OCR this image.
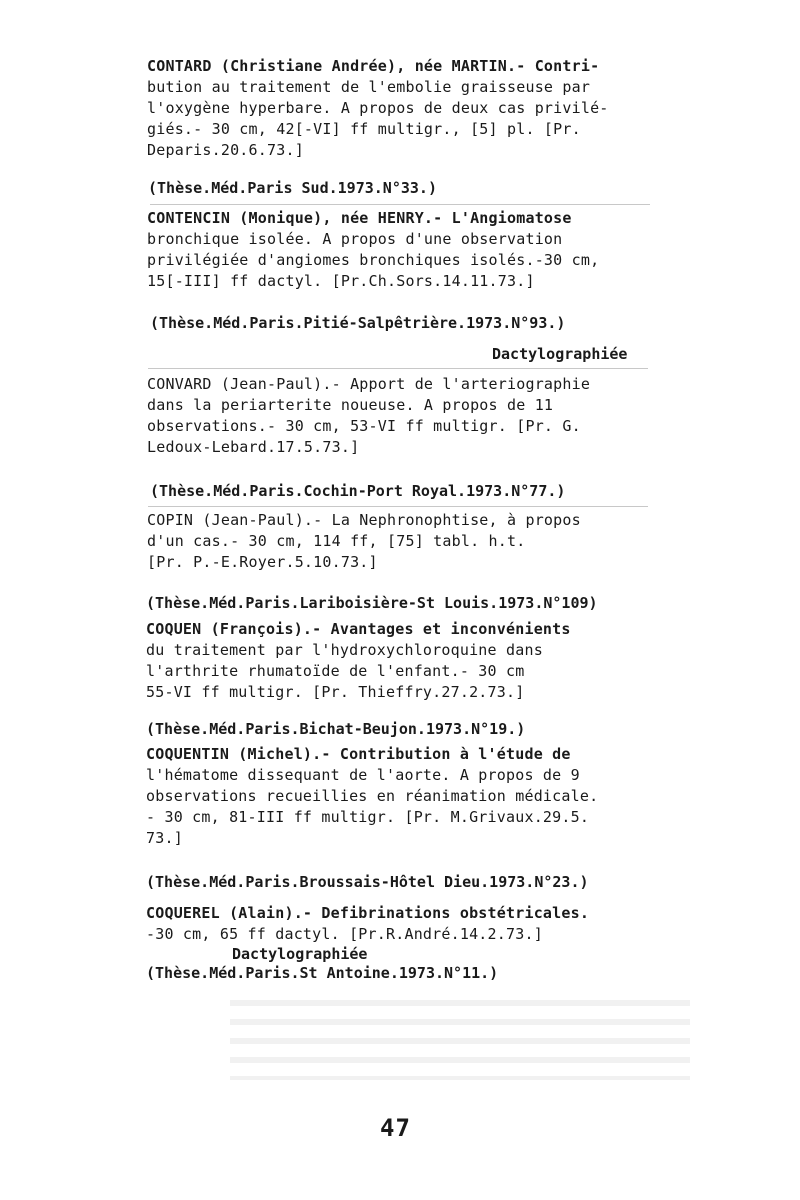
CONTARD (Christiane Andrée), née MARTIN.- Contri-
bution au traitement de l'embolie graisseuse par
l'oxygène hyperbare. A propos de deux cas privilé-
giés.- 30 cm, 42[-VI] ff multigr., [5] pl. [Pr.
Deparis.20.6.73.]
(Thèse.Méd.Paris Sud.1973.N°33.)
CONTENCIN (Monique), née HENRY.- L'Angiomatose
bronchique isolée. A propos d'une observation
privilégiée d'angiomes bronchiques isolés.-30 cm,
15[-III] ff dactyl. [Pr.Ch.Sors.14.11.73.]
(Thèse.Méd.Paris.Pitié-Salpêtrière.1973.N°93.)
Dactylographiée
CONVARD (Jean-Paul).- Apport de l'arteriographie
dans la periarterite noueuse. A propos de 11
observations.- 30 cm, 53-VI ff multigr. [Pr. G.
Ledoux-Lebard.17.5.73.]
(Thèse.Méd.Paris.Cochin-Port Royal.1973.N°77.)
COPIN (Jean-Paul).- La Nephronophtise, à propos
d'un cas.- 30 cm, 114 ff, [75] tabl. h.t.
[Pr. P.-E.Royer.5.10.73.]
(Thèse.Méd.Paris.Lariboisière-St Louis.1973.N°109)
COQUEN (François).- Avantages et inconvénients
du traitement par l'hydroxychloroquine dans
l'arthrite rhumatoïde de l'enfant.- 30 cm
55-VI ff multigr. [Pr. Thieffry.27.2.73.]
(Thèse.Méd.Paris.Bichat-Beujon.1973.N°19.)
COQUENTIN (Michel).- Contribution à l'étude de
l'hématome dissequant de l'aorte. A propos de 9
observations recueillies en réanimation médicale.
- 30 cm, 81-III ff multigr. [Pr. M.Grivaux.29.5.
73.]
(Thèse.Méd.Paris.Broussais-Hôtel Dieu.1973.N°23.)
COQUEREL (Alain).- Defibrinations obstétricales.
-30 cm, 65 ff dactyl. [Pr.R.André.14.2.73.]
Dactylographiée
(Thèse.Méd.Paris.St Antoine.1973.N°11.)
47
